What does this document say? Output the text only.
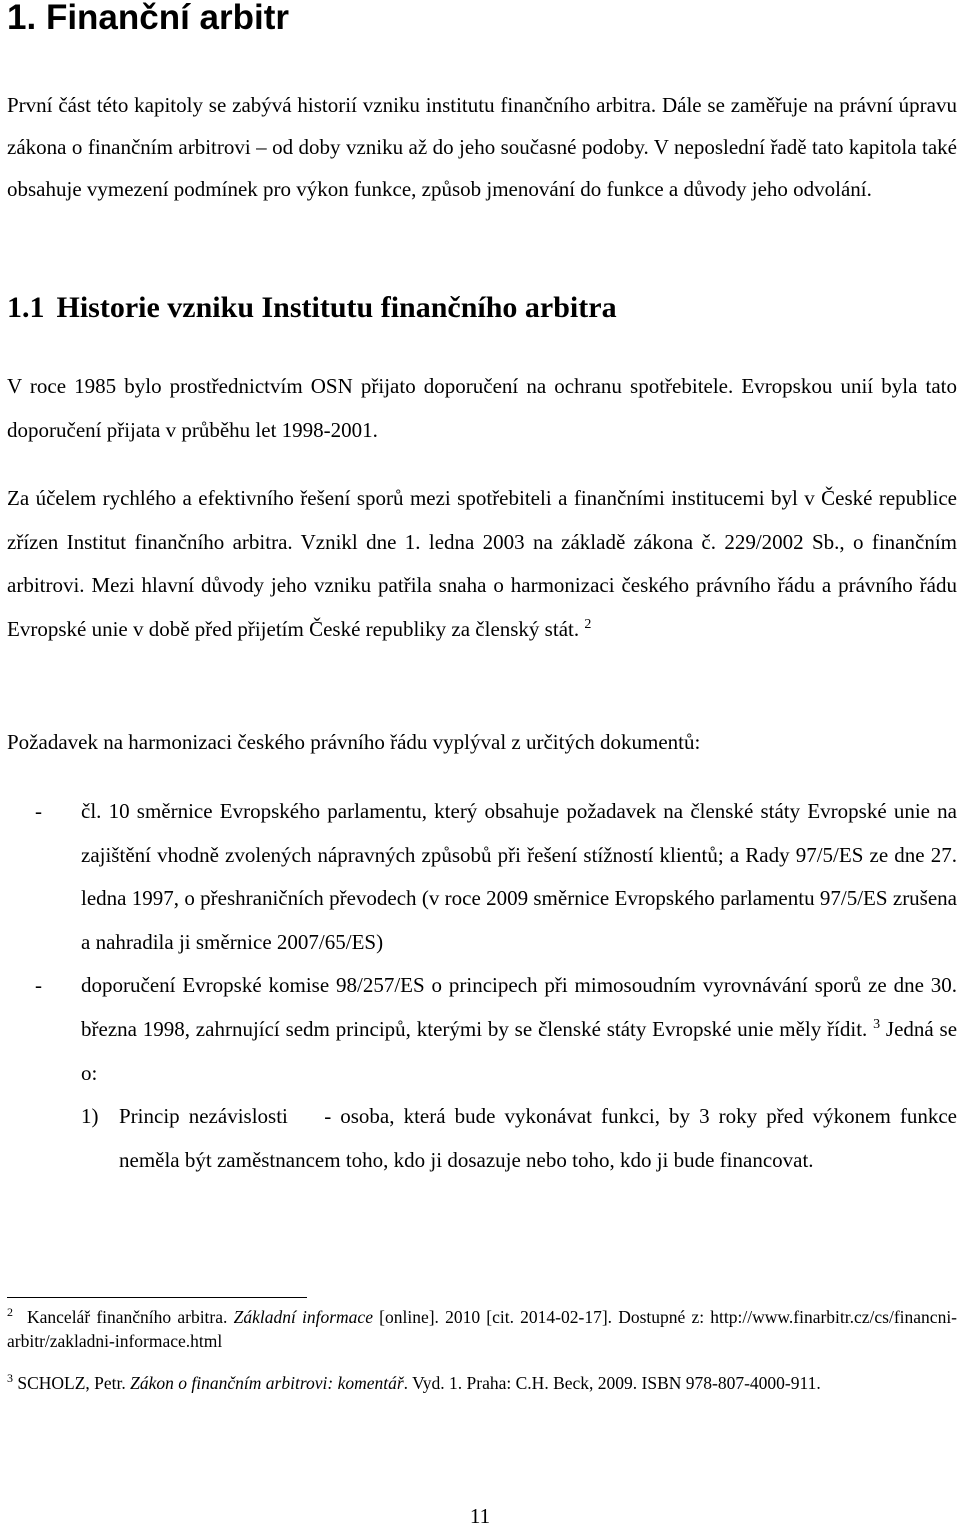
1. Finanční arbitr

První část této kapitoly se zabývá historií vzniku institutu finančního arbitra. Dále se zaměřuje na právní úpravu zákona o finančním arbitrovi – od doby vzniku až do jeho současné podoby. V neposlední řadě tato kapitola také obsahuje vymezení podmínek pro výkon funkce, způsob jmenování do funkce a důvody jeho odvolání.

1.1 Historie vzniku Institutu finančního arbitra

V roce 1985 bylo prostřednictvím OSN přijato doporučení na ochranu spotřebitele. Evropskou unií byla tato doporučení přijata v průběhu let 1998-2001.

Za účelem rychlého a efektivního řešení sporů mezi spotřebiteli a finančními institucemi byl v České republice zřízen Institut finančního arbitra. Vznikl dne 1. ledna 2003 na základě zákona č. 229/2002 Sb., o finančním arbitrovi. Mezi hlavní důvody jeho vzniku patřila snaha o harmonizaci českého právního řádu a právního řádu Evropské unie v době před přijetím České republiky za členský stát. $^2$

Požadavek na harmonizaci českého právního řádu vyplýval z určitých dokumentů:

-	čl. 10 směrnice Evropského parlamentu, který obsahuje požadavek na členské státy Evropské unie na zajištění vhodně zvolených nápravných způsobů při řešení stížností klientů; a Rady 97/5/ES ze dne 27. ledna 1997, o přeshraničních převodech (v roce 2009 směrnice Evropského parlamentu 97/5/ES zrušena a nahradila ji směrnice 2007/65/ES)
-	doporučení Evropské komise 98/257/ES o principech při mimosoudním vyrovnávání sporů ze dne 30. března 1998, zahrnující sedm principů, kterými by se členské státy Evropské unie měly řídit. $^3$ Jedná se o:
1) Princip nezávislosti - osoba, která bude vykonávat funkci, by 3 roky před výkonem funkce neměla být zaměstnancem toho, kdo ji dosazuje nebo toho, kdo ji bude financovat.
$^2$ Kancelář finančního arbitra. Základní informace [online]. 2010 [cit. 2014-02-17]. Dostupné z: http://www.finarbitr.cz/cs/financni-arbitr/zakladni-informace.html
$^3$ SCHOLZ, Petr. Zákon o finančním arbitrovi: komentář. Vyd. 1. Praha: C.H. Beck, 2009. ISBN 978-807-4000-911.
11
